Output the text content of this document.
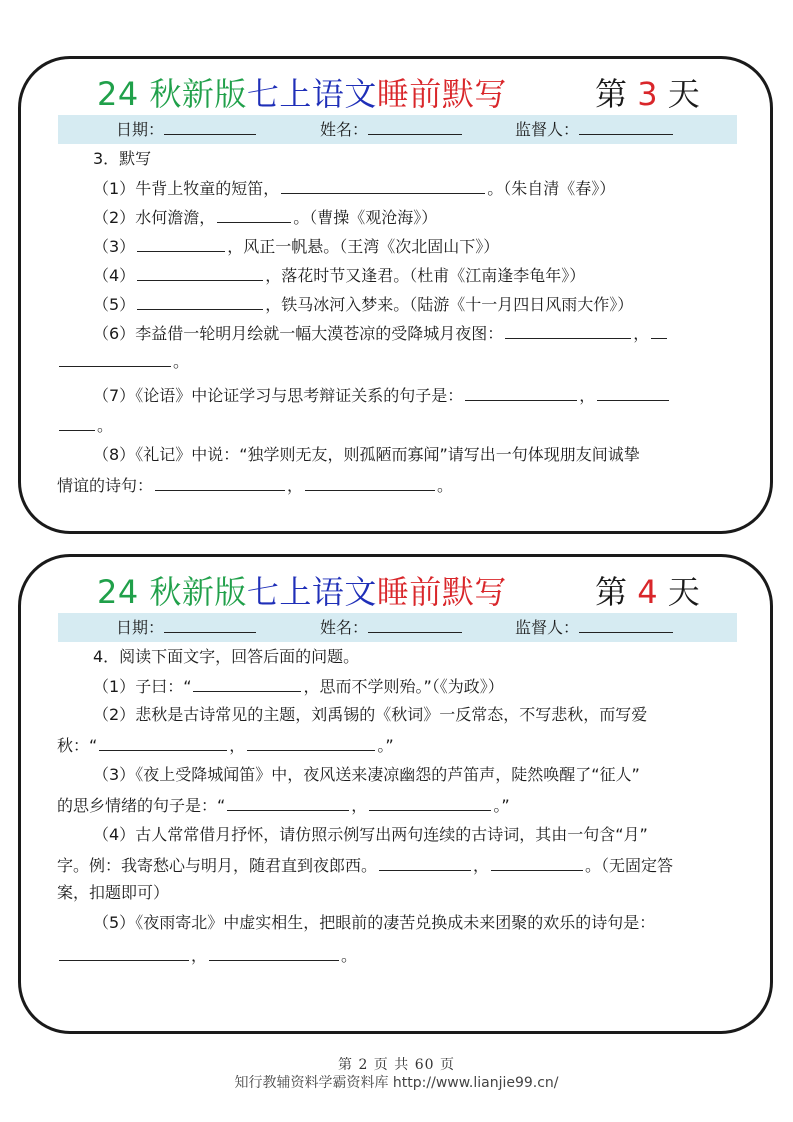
24 秋新版七上语文睡前默写	第 3 天
日期：	姓名：	监督人：
3．默写
（1）牛背上牧童的短笛，	。（朱自清《春》）
（2）水何澹澹，	。（曹操《观沧海》）
（3）	，风正一帆悬。（王湾《次北固山下》）
（4）	，落花时节又逢君。（杜甫《江南逢李龟年》）
（5）	，铁马冰河入梦来。（陆游《十一月四日风雨大作》）
（6）李益借一轮明月绘就一幅大漠苍凉的受降城月夜图：	，
。
（7）《论语》中论证学习与思考辩证关系的句子是：	，
。
（8）《礼记》中说：“独学则无友，则孤陋而寡闻”请写出一句体现朋友间诚挚
情谊的诗句：	，	。
24 秋新版七上语文睡前默写	第 4 天
日期：	姓名：	监督人：
4．阅读下面文字，回答后面的问题。
（1）子曰：“	，思而不学则殆。”（《为政》）
（2）悲秋是古诗常见的主题，刘禹锡的《秋词》一反常态，不写悲秋，而写爱
秋：“	，	。”
（3）《夜上受降城闻笛》中，夜风送来凄凉幽怨的芦笛声，陡然唤醒了“征人”
的思乡情绪的句子是：“	，	。”
（4）古人常常借月抒怀，请仿照示例写出两句连续的古诗词，其由一句含“月”
字。例：我寄愁心与明月，随君直到夜郎西。	，	。（无固定答
案，扣题即可）
（5）《夜雨寄北》中虚实相生，把眼前的凄苦兑换成未来团聚的欢乐的诗句是：
，	。
第 2 页 共 60 页
知行教辅资料学霸资料库 http://www.lianjie99.cn/
